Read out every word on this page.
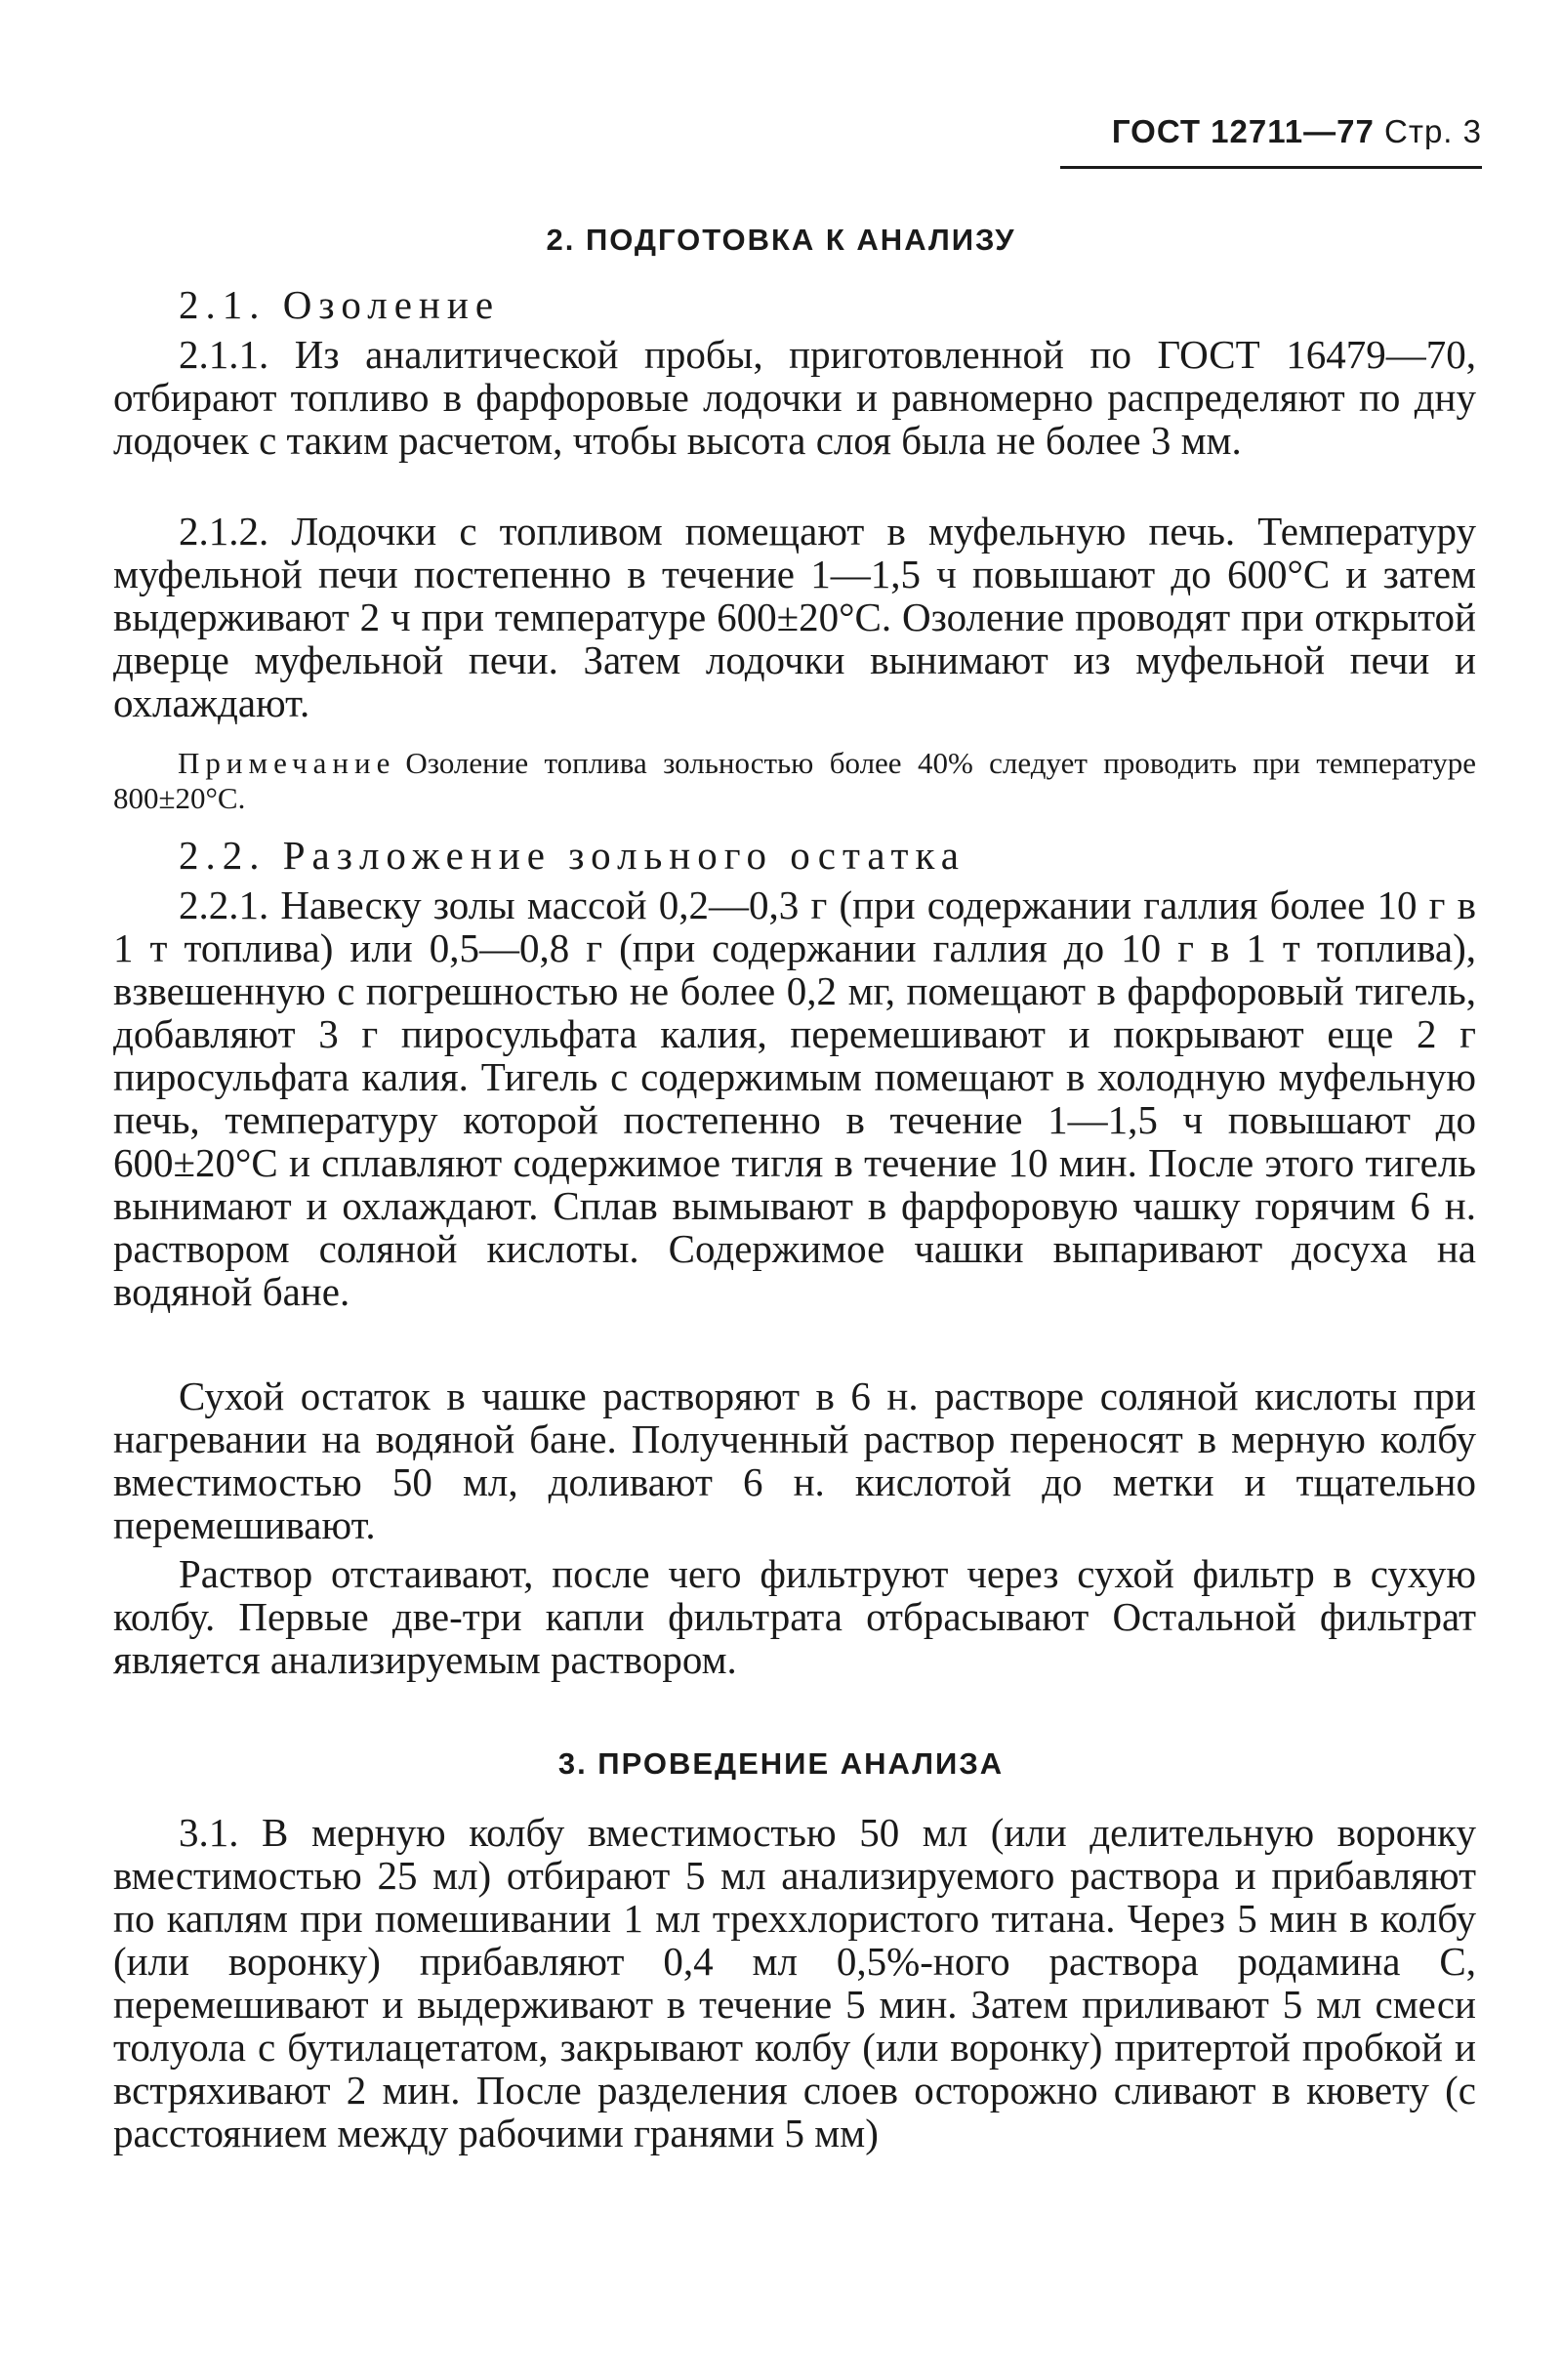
ГОСТ 12711—77 Стр. 3
2. ПОДГОТОВКА К АНАЛИЗУ
2.1. Озоление
2.1.1. Из аналитической пробы, приготовленной по ГОСТ 16479—70, отбирают топливо в фарфоровые лодочки и равномерно распределяют по дну лодочек с таким расчетом, чтобы высота слоя была не более 3 мм.
2.1.2. Лодочки с топливом помещают в муфельную печь. Температуру муфельной печи постепенно в течение 1—1,5 ч повышают до 600°С и затем выдерживают 2 ч при температуре 600±20°С. Озоление проводят при открытой дверце муфельной печи. Затем лодочки вынимают из муфельной печи и охлаждают.
Примечание Озоление топлива зольностью более 40% следует проводить при температуре 800±20°С.
2.2. Разложение зольного остатка
2.2.1. Навеску золы массой 0,2—0,3 г (при содержании галлия более 10 г в 1 т топлива) или 0,5—0,8 г (при содержании галлия до 10 г в 1 т топлива), взвешенную с погрешностью не более 0,2 мг, помещают в фарфоровый тигель, добавляют 3 г пиросульфата калия, перемешивают и покрывают еще 2 г пиросульфата калия. Тигель с содержимым помещают в холодную муфельную печь, температуру которой постепенно в течение 1—1,5 ч повышают до 600±20°С и сплавляют содержимое тигля в течение 10 мин. После этого тигель вынимают и охлаждают. Сплав вымывают в фарфоровую чашку горячим 6 н. раствором соляной кислоты. Содержимое чашки выпаривают досуха на водяной бане.
Сухой остаток в чашке растворяют в 6 н. растворе соляной кислоты при нагревании на водяной бане. Полученный раствор переносят в мерную колбу вместимостью 50 мл, доливают 6 н. кислотой до метки и тщательно перемешивают.
Раствор отстаивают, после чего фильтруют через сухой фильтр в сухую колбу. Первые две-три капли фильтрата отбрасывают Остальной фильтрат является анализируемым раствором.
3. ПРОВЕДЕНИЕ АНАЛИЗА
3.1. В мерную колбу вместимостью 50 мл (или делительную воронку вместимостью 25 мл) отбирают 5 мл анализируемого раствора и прибавляют по каплям при помешивании 1 мл треххлористого титана. Через 5 мин в колбу (или воронку) прибавляют 0,4 мл 0,5%-ного раствора родамина С, перемешивают и выдерживают в течение 5 мин. Затем приливают 5 мл смеси толуола с бутилацетатом, закрывают колбу (или воронку) притертой пробкой и встряхивают 2 мин. После разделения слоев осторожно сливают в кювету (с расстоянием между рабочими гранями 5 мм)
